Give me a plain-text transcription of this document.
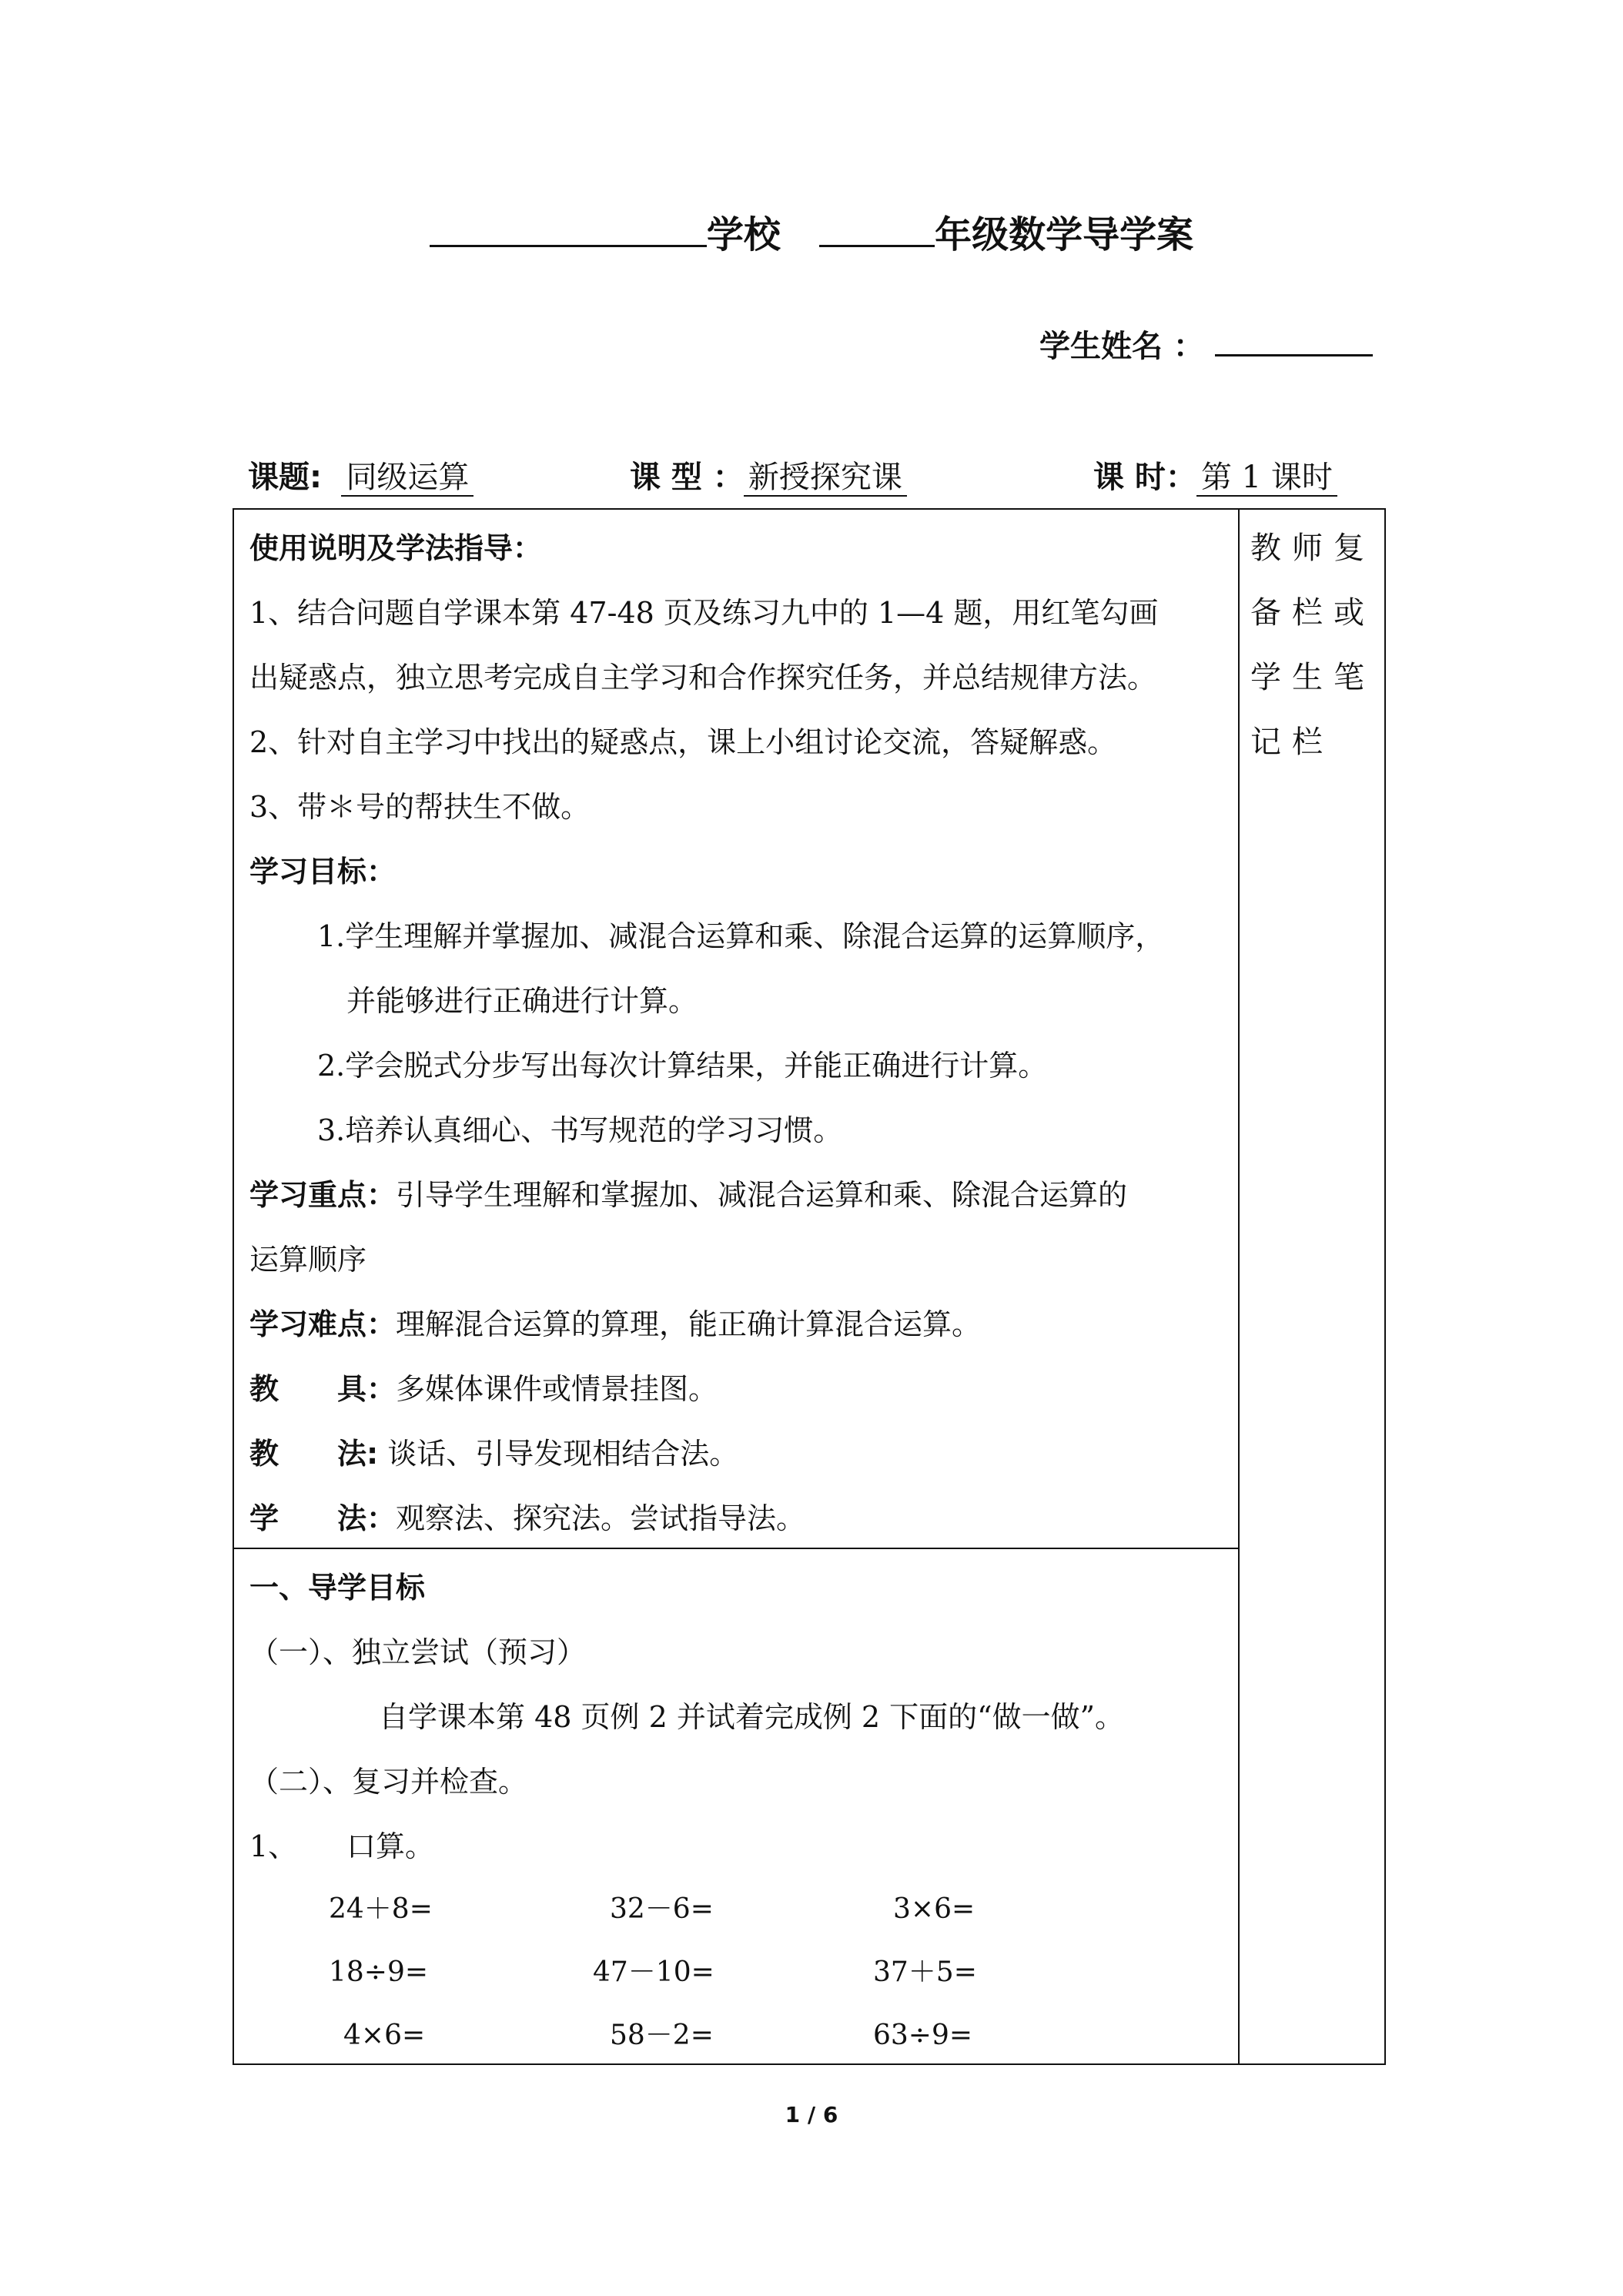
学校	年级数学导学案
学生姓名 ：
课题: 同级运算	课 型 ： 新授探究课	课 时： 第 1 课时
教师复备栏或学生笔记栏
使用说明及学法指导：
1、结合问题自学课本第 47-48 页及练习九中的 1—4 题，用红笔勾画
出疑惑点，独立思考完成自主学习和合作探究任务，并总结规律方法。
2、针对自主学习中找出的疑惑点，课上小组讨论交流，答疑解惑。
3、带＊号的帮扶生不做。
学习目标：
1.学生理解并掌握加、减混合运算和乘、除混合运算的运算顺序，
并能够进行正确进行计算。
2.学会脱式分步写出每次计算结果，并能正确进行计算。
3.培养认真细心、书写规范的学习习惯。
学习重点：引导学生理解和掌握加、减混合运算和乘、除混合运算的
运算顺序
学习难点：理解混合运算的算理，能正确计算混合运算。
教　　具：多媒体课件或情景挂图。
教　　法: 谈话、引导发现相结合法。
学　　法：观察法、探究法。尝试指导法。
一、导学目标
（一）、独立尝试（预习）
自学课本第 48 页例 2 并试着完成例 2 下面的“做一做”。
（二）、复习并检查。
1、 口算。
24＋8=	32－6=	3×6=
18÷9=	47－10=	37＋5=
4×6=	58－2=	63÷9=
1 / 6
